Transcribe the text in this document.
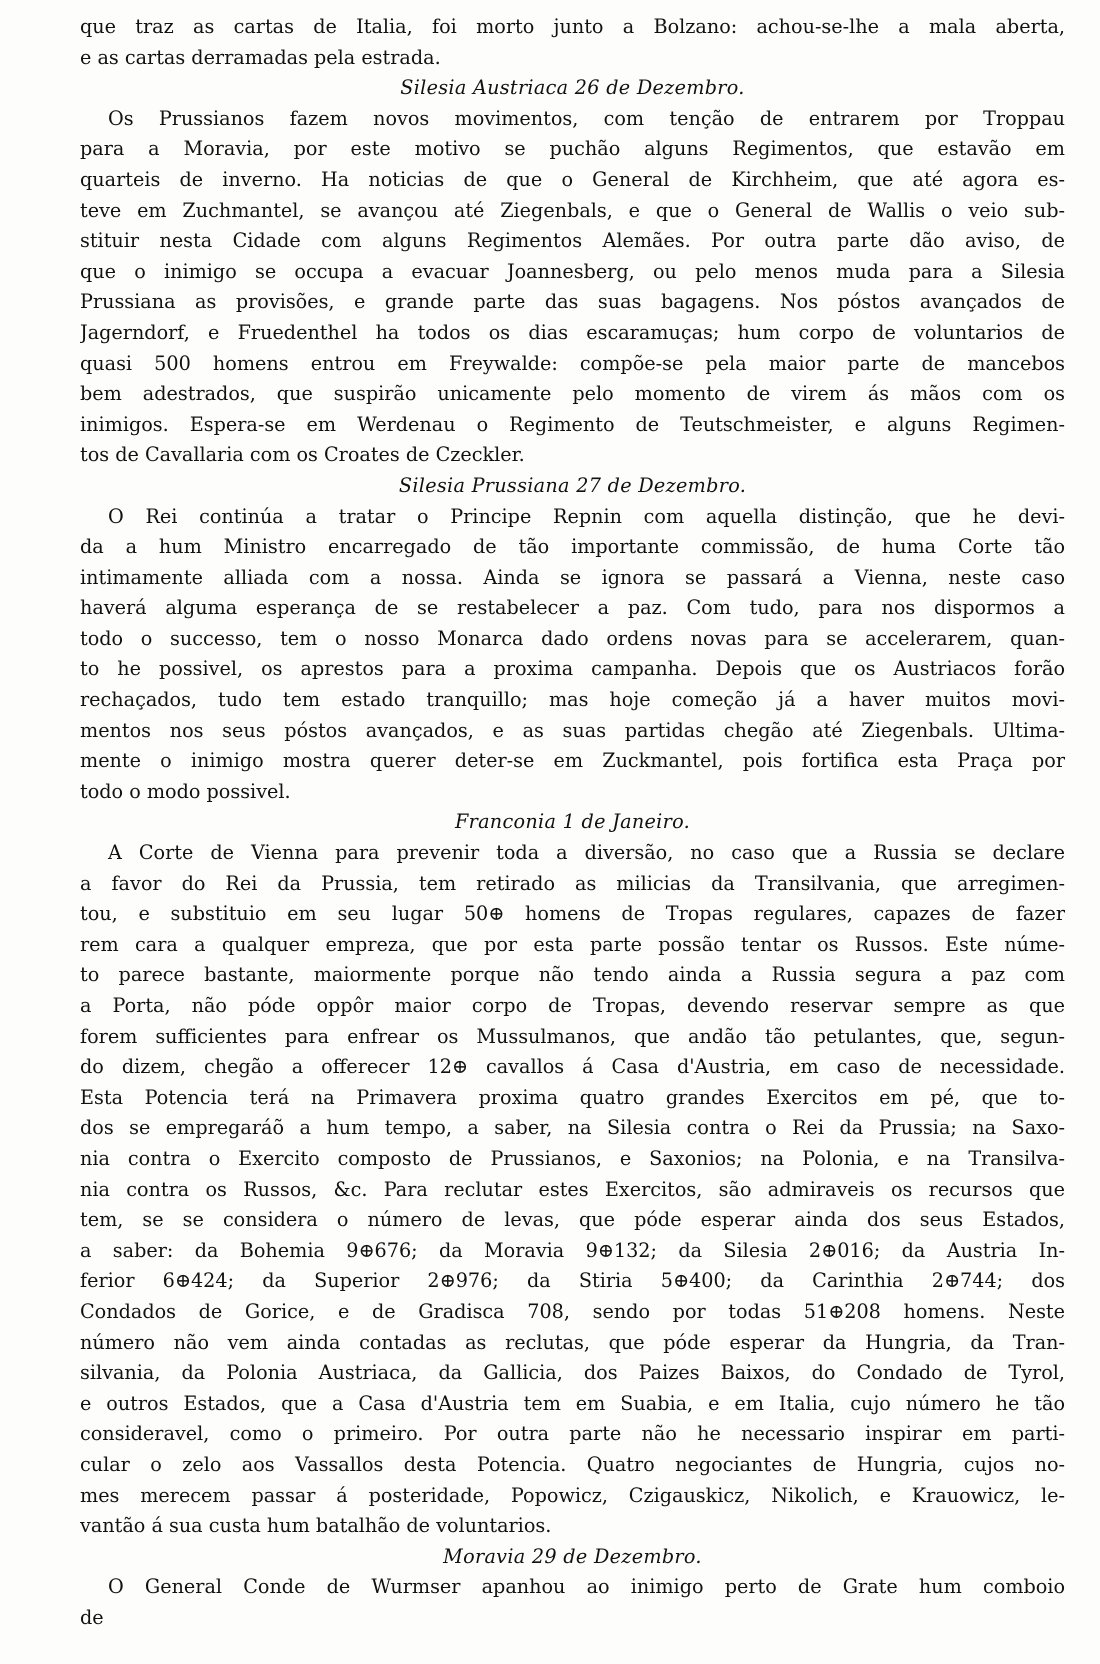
que traz as cartas de Italia, foi morto junto a Bolzano: achou-se-lhe a mala aberta,
e as cartas derramadas pela estrada.
Silesia Austriaca 26 de Dezembro.
Os Prussianos fazem novos movimentos, com tenção de entrarem por Troppau
para a Moravia, por este motivo se puchão alguns Regimentos, que estavão em
quarteis de inverno. Ha noticias de que o General de Kirchheim, que até agora es-
teve em Zuchmantel, se avançou até Ziegenbals, e que o General de Wallis o veio sub-
stituir nesta Cidade com alguns Regimentos Alemães. Por outra parte dão aviso, de
que o inimigo se occupa a evacuar Joannesberg, ou pelo menos muda para a Silesia
Prussiana as provisões, e grande parte das suas bagagens. Nos póstos avançados de
Jagerndorf, e Fruedenthel ha todos os dias escaramuças; hum corpo de voluntarios de
quasi 500 homens entrou em Freywalde: compõe-se pela maior parte de mancebos
bem adestrados, que suspirão unicamente pelo momento de virem ás mãos com os
inimigos. Espera-se em Werdenau o Regimento de Teutschmeister, e alguns Regimen-
tos de Cavallaria com os Croates de Czeckler.
Silesia Prussiana 27 de Dezembro.
O Rei continúa a tratar o Principe Repnin com aquella distinção, que he devi-
da a hum Ministro encarregado de tão importante commissão, de huma Corte tão
intimamente alliada com a nossa. Ainda se ignora se passará a Vienna, neste caso
haverá alguma esperança de se restabelecer a paz. Com tudo, para nos dispormos a
todo o successo, tem o nosso Monarca dado ordens novas para se accelerarem, quan-
to he possivel, os aprestos para a proxima campanha. Depois que os Austriacos forão
rechaçados, tudo tem estado tranquillo; mas hoje começão já a haver muitos movi-
mentos nos seus póstos avançados, e as suas partidas chegão até Ziegenbals. Ultima-
mente o inimigo mostra querer deter-se em Zuckmantel, pois fortifica esta Praça por
todo o modo possivel.
Franconia 1 de Janeiro.
A Corte de Vienna para prevenir toda a diversão, no caso que a Russia se declare
a favor do Rei da Prussia, tem retirado as milicias da Transilvania, que arregimen-
tou, e substituio em seu lugar 50⊕ homens de Tropas regulares, capazes de fazer
rem cara a qualquer empreza, que por esta parte possão tentar os Russos. Este núme-
to parece bastante, maiormente porque não tendo ainda a Russia segura a paz com
a Porta, não póde oppôr maior corpo de Tropas, devendo reservar sempre as que
forem sufficientes para enfrear os Mussulmanos, que andão tão petulantes, que, segun-
do dizem, chegão a offerecer 12⊕ cavallos á Casa d'Austria, em caso de necessidade.
Esta Potencia terá na Primavera proxima quatro grandes Exercitos em pé, que to-
dos se empregaráõ a hum tempo, a saber, na Silesia contra o Rei da Prussia; na Saxo-
nia contra o Exercito composto de Prussianos, e Saxonios; na Polonia, e na Transilva-
nia contra os Russos, &c. Para reclutar estes Exercitos, são admiraveis os recursos que
tem, se se considera o número de levas, que póde esperar ainda dos seus Estados,
a saber: da Bohemia 9⊕676; da Moravia 9⊕132; da Silesia 2⊕016; da Austria In-
ferior 6⊕424; da Superior 2⊕976; da Stiria 5⊕400; da Carinthia 2⊕744; dos
Condados de Gorice, e de Gradisca 708, sendo por todas 51⊕208 homens. Neste
número não vem ainda contadas as reclutas, que póde esperar da Hungria, da Tran-
silvania, da Polonia Austriaca, da Gallicia, dos Paizes Baixos, do Condado de Tyrol,
e outros Estados, que a Casa d'Austria tem em Suabia, e em Italia, cujo número he tão
consideravel, como o primeiro. Por outra parte não he necessario inspirar em parti-
cular o zelo aos Vassallos desta Potencia. Quatro negociantes de Hungria, cujos no-
mes merecem passar á posteridade, Popowicz, Czigauskicz, Nikolich, e Krauowicz, le-
vantão á sua custa hum batalhão de voluntarios.
Moravia 29 de Dezembro.
O General Conde de Wurmser apanhou ao inimigo perto de Grate hum comboio
de
